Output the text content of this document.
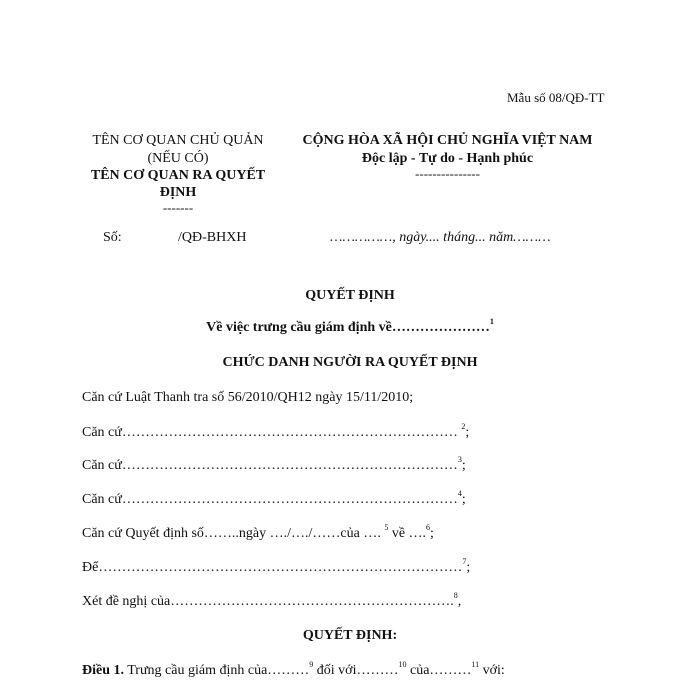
Mẫu số 08/QĐ-TT
TÊN CƠ QUAN CHỦ QUẢN
(NẾU CÓ)
TÊN CƠ QUAN RA QUYẾT
ĐỊNH
-------
CỘNG HÒA XÃ HỘI CHỦ NGHĨA VIỆT NAM
Độc lập - Tự do - Hạnh phúc
---------------
Số:	/QĐ-BHXH	……………, ngày.... tháng... năm………
QUYẾT ĐỊNH
Về việc trưng cầu giám định về…………………$^1$
CHỨC DANH NGƯỜI RA QUYẾT ĐỊNH
Căn cứ Luật Thanh tra số 56/2010/QH12 ngày 15/11/2010;
Căn cứ……………………………………………………………… $^2$;
Căn cứ………………………………………………………………$^3$;
Căn cứ………………………………………………………………$^4$;
Căn cứ Quyết định số……..ngày …./…./……của …. $^5$ về ….$^6$;
Để……………………………………………………………………$^7$;
Xét đề nghị của…………………………………………………….$^8$,
QUYẾT ĐỊNH:
Điều 1. Trưng cầu giám định của………$^9$ đối với………$^{10}$ của………$^{11}$ với:
